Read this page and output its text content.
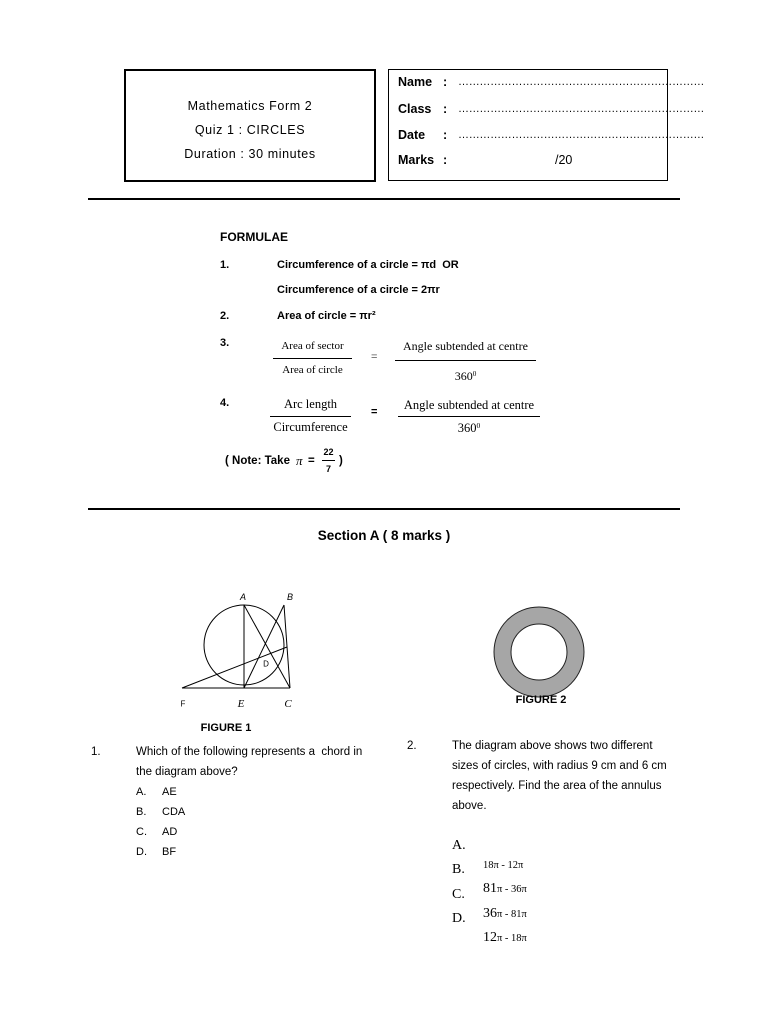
Mathematics Form 2
Quiz 1 : CIRCLES
Duration : 30 minutes
Name : ……………………………………………………………
Class : ……………………………………………………………
Date : ……………………………………………………………
Marks :	/20
FORMULAE
1.	Circumference of a circle = πd  OR
Circumference of a circle = 2πr
2.	Area of circle = πr²
3.	Area of sector
Area of circle
=
Angle subtended at centre
$360^0$
4.	Arc length
Circumference
=	Angle subtended at centre
$360^0$
( Note: Take π =
22
7
)
Section A ( 8 marks )
A	B
D
F	E	C
FIGURE 1
FIGURE 2
1.	Which of the following represents a  chord in
the diagram above?
A. AE
B. CDA
C. AD
D. BF
2.	The diagram above shows two different
sizes of circles, with radius 9 cm and 6 cm
respectively. Find the area of the annulus
above.

A.

18π - 12π

B.

81π - 36π

C.

36π - 81π

D.

12π - 18π
